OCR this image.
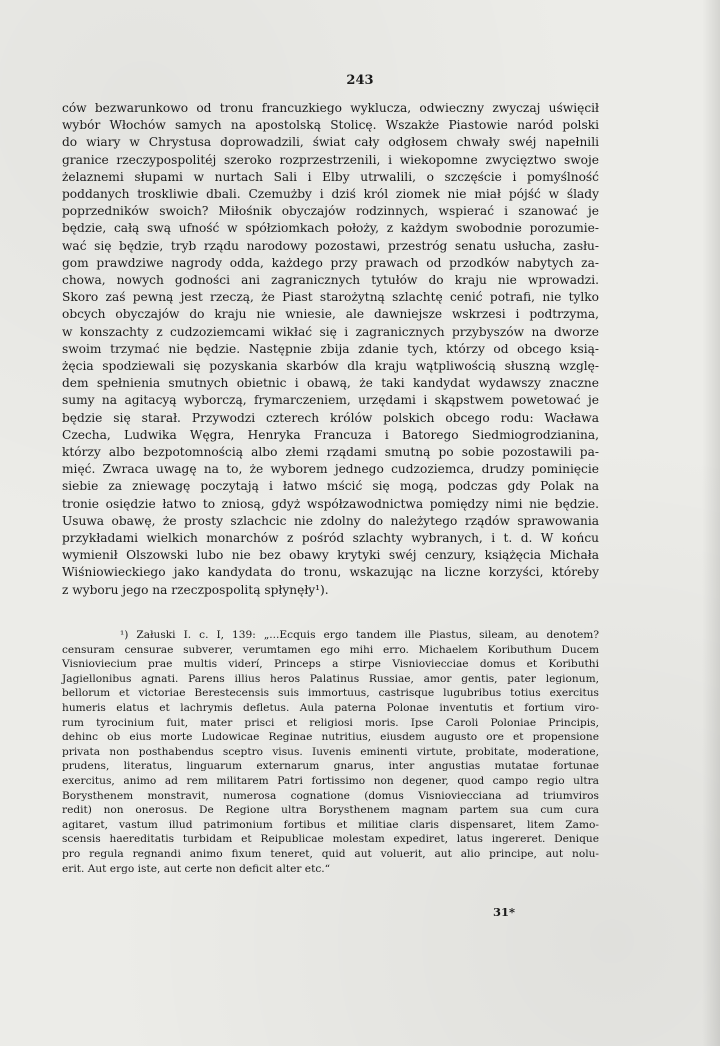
243
ców bezwarunkowo od tronu francuzkiego wyklucza, odwieczny zwyczaj uświęcił
wybór Włochów samych na apostolską Stolicę. Wszakże Piastowie naród polski
do wiary w Chrystusa doprowadzili, świat cały odgłosem chwały swéj napełnili
granice rzeczypospolitéj szeroko rozprzestrzenili, i wiekopomne zwycięztwo swoje
żelaznemi słupami w nurtach Sali i Elby utrwalili, o szczęście i pomyślność
poddanych troskliwie dbali. Czemużby i dziś król ziomek nie miał pójść w ślady
poprzedników swoich? Miłośnik obyczajów rodzinnych, wspierać i szanować je
będzie, całą swą ufność w spółziomkach położy, z każdym swobodnie porozumie-
wać się będzie, tryb rządu narodowy pozostawi, przestróg senatu usłucha, zasłu-
gom prawdziwe nagrody odda, każdego przy prawach od przodków nabytych za-
chowa, nowych godności ani zagranicznych tytułów do kraju nie wprowadzi.
Skoro zaś pewną jest rzeczą, że Piast starożytną szlachtę cenić potrafi, nie tylko
obcych obyczajów do kraju nie wniesie, ale dawniejsze wskrzesi i podtrzyma,
w konszachty z cudzoziemcami wikłać się i zagranicznych przybyszów na dworze
swoim trzymać nie będzie. Następnie zbija zdanie tych, którzy od obcego ksią-
żęcia spodziewali się pozyskania skarbów dla kraju wątpliwością słuszną wzglę-
dem spełnienia smutnych obietnic i obawą, że taki kandydat wydawszy znaczne
sumy na agitacyą wyborczą, frymarczeniem, urzędami i skąpstwem powetować je
będzie się starał. Przywodzi czterech królów polskich obcego rodu: Wacława
Czecha, Ludwika Węgra, Henryka Francuza i Batorego Siedmiogrodzianina,
którzy albo bezpotomnością albo złemi rządami smutną po sobie pozostawili pa-
mięć. Zwraca uwagę na to, że wyborem jednego cudzoziemca, drudzy pominięcie
siebie za zniewagę poczytają i łatwo mścić się mogą, podczas gdy Polak na
tronie osiędzie łatwo to zniosą, gdyż współzawodnictwa pomiędzy nimi nie będzie.
Usuwa obawę, że prosty szlachcic nie zdolny do należytego rządów sprawowania
przykładami wielkich monarchów z pośród szlachty wybranych, i t. d. W końcu
wymienił Olszowski lubo nie bez obawy krytyki swéj cenzury, książęcia Michała
Wiśniowieckiego jako kandydata do tronu, wskazując na liczne korzyści, któreby
z wyboru jego na rzeczpospolitą spłynęły¹).
¹) Załuski I. c. I, 139: „...Ecquis ergo tandem ille Piastus, sileam, au denotem?
censuram censurae subverer, verumtamen ego mihi erro. Michaelem Koributhum Ducem
Visnioviecium prae multis viderí, Princeps a stirpe Visnioviecciae domus et Koributhi
Jagiellonibus agnati. Parens illius heros Palatinus Russiae, amor gentis, pater legionum,
bellorum et victoriae Berestecensis suis immortuus, castrisque lugubribus totius exercitus
humeris elatus et lachrymis defletus. Aula paterna Polonae inventutis et fortium viro-
rum tyrocinium fuit, mater prisci et religiosi moris. Ipse Caroli Poloniae Principis,
dehinc ob eius morte Ludowicae Reginae nutritius, eiusdem augusto ore et propensione
privata non posthabendus sceptro visus. Iuvenis eminenti virtute, probitate, moderatione,
prudens, literatus, linguarum externarum gnarus, inter angustias mutatae fortunae
exercitus, animo ad rem militarem Patri fortissimo non degener, quod campo regio ultra
Borysthenem monstravit, numerosa cognatione (domus Visnioviecciana ad triumviros
redit) non onerosus. De Regione ultra Borysthenem magnam partem sua cum cura
agitaret, vastum illud patrimonium fortibus et militiae claris dispensaret, litem Zamo-
scensis haereditatis turbidam et Reipublicae molestam expediret, latus ingereret. Denique
pro regula regnandi animo fixum teneret, quid aut voluerit, aut alio principe, aut nolu-
erit. Aut ergo iste, aut certe non deficit alter etc.“
31*
